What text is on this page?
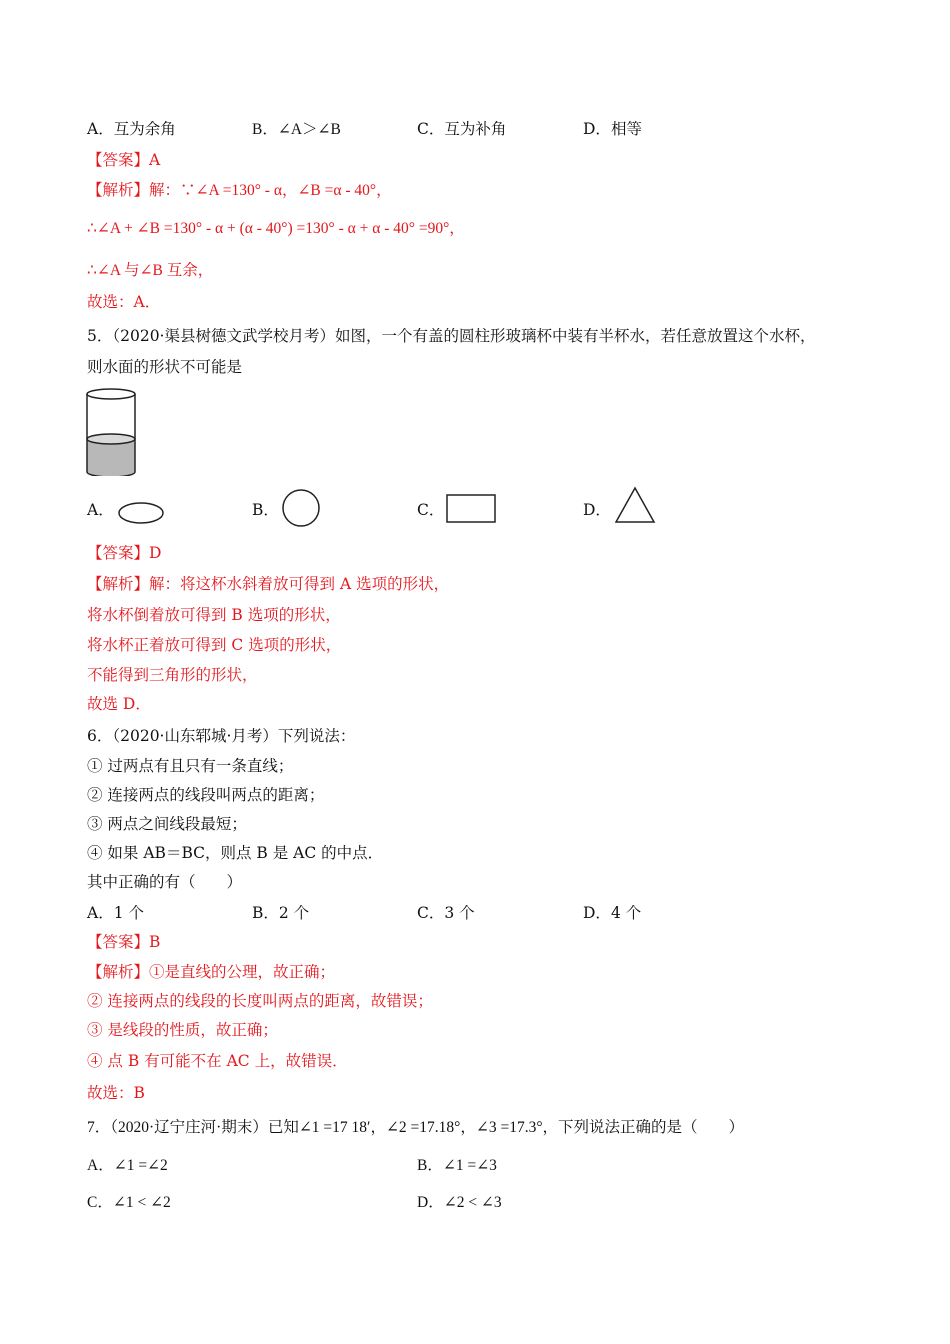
A．互为余角	B．∠A＞∠B	C．互为补角	D．相等
【答案】A
【解析】解：∵∠A =130° - α，∠B =α - 40°，
∴∠A + ∠B =130° - α + (α - 40°) =130° - α + α - 40° =90°，
∴∠A 与∠B 互余，
故选：A．
5．（2020·渠县树德文武学校月考）如图，一个有盖的圆柱形玻璃杯中装有半杯水，若任意放置这个水杯，
则水面的形状不可能是
A．	B．	C．	D．
【答案】D
【解析】解：将这杯水斜着放可得到 A 选项的形状，
将水杯倒着放可得到 B 选项的形状，
将水杯正着放可得到 C 选项的形状，
不能得到三角形的形状，
故选 D．
6．（2020·山东郓城·月考）下列说法：
① 过两点有且只有一条直线；
② 连接两点的线段叫两点的距离；
③ 两点之间线段最短；
④ 如果 AB＝BC，则点 B 是 AC 的中点．
其中正确的有（　　）
A．1 个	B．2 个	C．3 个	D．4 个
【答案】B
【解析】①是直线的公理，故正确；
② 连接两点的线段的长度叫两点的距离，故错误；
③ 是线段的性质，故正确；
④ 点 B 有可能不在 AC 上，故错误．
故选：B
7．（2020·辽宁庄河·期末）已知∠1 =17 18′，∠2 =17.18°，∠3 =17.3°，下列说法正确的是（　　）
A．∠1 =∠2	B．∠1 =∠3
C．∠1 < ∠2	D．∠2 < ∠3
